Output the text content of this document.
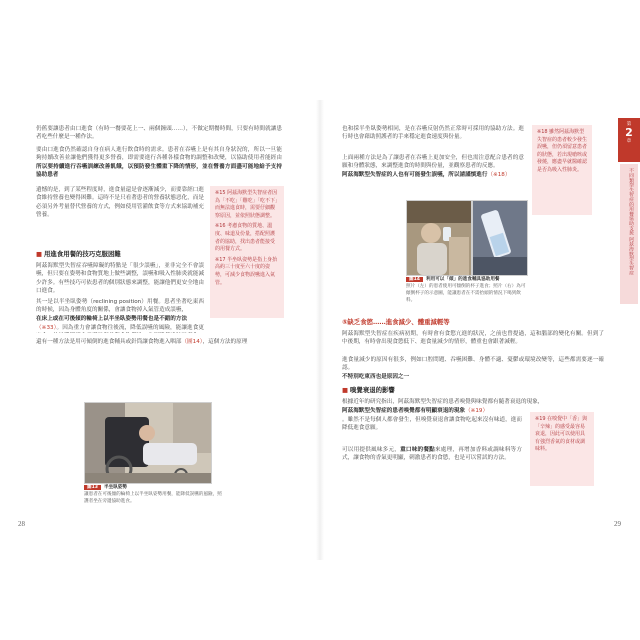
仍舊要讓患者由口進食（有時一餐要花上一、兩個鐘頭……），不做定期餐時間，只要有時間就讓患者吃些什麼是一種作法。

要由口進食仍然確認自身在病人進行飲食時的需求。患者在吞嚥上是有其自身狀況的，所以一旦能夠持續改善並讓他們獲得更多營養，即需要進行各種各樣食物的調整和改變，以協助使用者能經由

所以要持續進行吞嚥訓練改善飢餓，以預防發生體重下降的情形，並在營養方面盡可能地給予支持協助患者

遺憾的是，到了某些程度時，進食量還是會逐漸減少，而要靠經口進食維持營養也變得困難。這時不是只看著患者的營養狀態惡化，而是必須另外考量替代營養的方式，例如使用管灌飲食等方式來協助補充營養。

※15 阿茲海默型失智症者因為「不吃」「難吃」「吃不下」而無法進食時，需要仔細觀察原因，並依照狀態調整。

※16 考慮食物的質地、溫度、味道及份量，搭配照護者的協助，找出患者能接受的用餐方式。

※17 半坐臥姿勢是指上身抬高約三十度至六十度的姿勢，可減少食物誤嚥進入氣管。

■ 用進食用餐的技巧克服困難

阿茲海默型失智症吞嚥障礙的特點是「很少誤嚥」，並非完全不會誤嚥，但只要在姿勢和食物質地上做些調整，誤嚥和吸入性肺炎就能減少許多。有些技巧可依患者的個別狀態來調整，能讓他們更安全地由口進食。

其一是以半坐臥姿勢（reclining position）用餐。患者坐著吃東西的時候，因為身體角度的關係，會讓食物掉入氣管造成誤嚥，

在床上或在可後傾的輪椅上以半坐臥姿勢用餐也是不錯的方法

（※33）。因為重力會讓食物往後流，降低誤嚥的風險，能讓進食更

還有一種方法是用可傾倒的進食輔具或針筒讓食物進入咽部（圖14），這個方法的原理

圖13 半坐臥姿勢

讓患者在可後傾的輪椅上以半坐臥姿勢用餐，能降低誤嚥的風險，照護者坐在旁邊協助進食。

28

也和採半坐臥姿勢相同，是在吞嚥反射仍然正常時可採用的協助方法。進行時也會藉助照護者的手來穩定進食速度與份量。

上面兩種方法是為了讓患者在吞嚥上更加安全，但也需注意配合患者的意願和身體狀態，來調整進食的時間與份量，並觀察患者的反應。

阿茲海默型失智症的人也有可能發生誤嚥，所以請謹慎進行（※18）

※18 雖然阿茲海默型失智症的患者較少發生誤嚥，但仍須留意患者的狀態，若出現嗆咳或發燒，應盡早就醫確認是否為吸入性肺炎。

圖14 利用可以「傾」的進食輔具協助用餐

照片（左）的患者使用可傾倒的杯子進食；照片（右）為可傾倒杯子的示意圖，能讓患者在不需抬頭的情況下喝到飲料。

⑤缺乏食慾……進食減少、體重減輕等

阿茲海默型失智症在疾病初期，有時會有食慾亢進的狀況，之前也曾提過，這和腦部的變化有關。但到了中後期，有時會出現食慾低下、進食量減少的情形，體重也會跟著減輕。

進食量減少的原因有很多，例如口腔問題、吞嚥困難、身體不適、憂鬱或環境改變等，這些都需要逐一確認。

不特別吃東西也是原因之一

■ 嗅覺衰退的影響

根據近年的研究指出，阿茲海默型失智症的患者嗅覺與味覺都有隨著衰退的現象，

阿茲海默型失智症的患者嗅覺都有明顯衰退的現象（※19）

。雖然不是每個人都會發生，但嗅覺衰退會讓食物吃起來沒有味道，進而降低進食意願。

可以用提供風味多元，重口味的餐點來處理，再增加香料或調味料等方式，讓食物的香氣更明顯，刺激患者的食慾，也是可以嘗試的方法。

※19 在嗅覺中「香」與「辛辣」的感受最容易衰退，因此可以使用具有強烈香氣的食材或調味料。
第
2
章
不同類型失智症的用餐協助支援 阿茲海默型失智症
29
